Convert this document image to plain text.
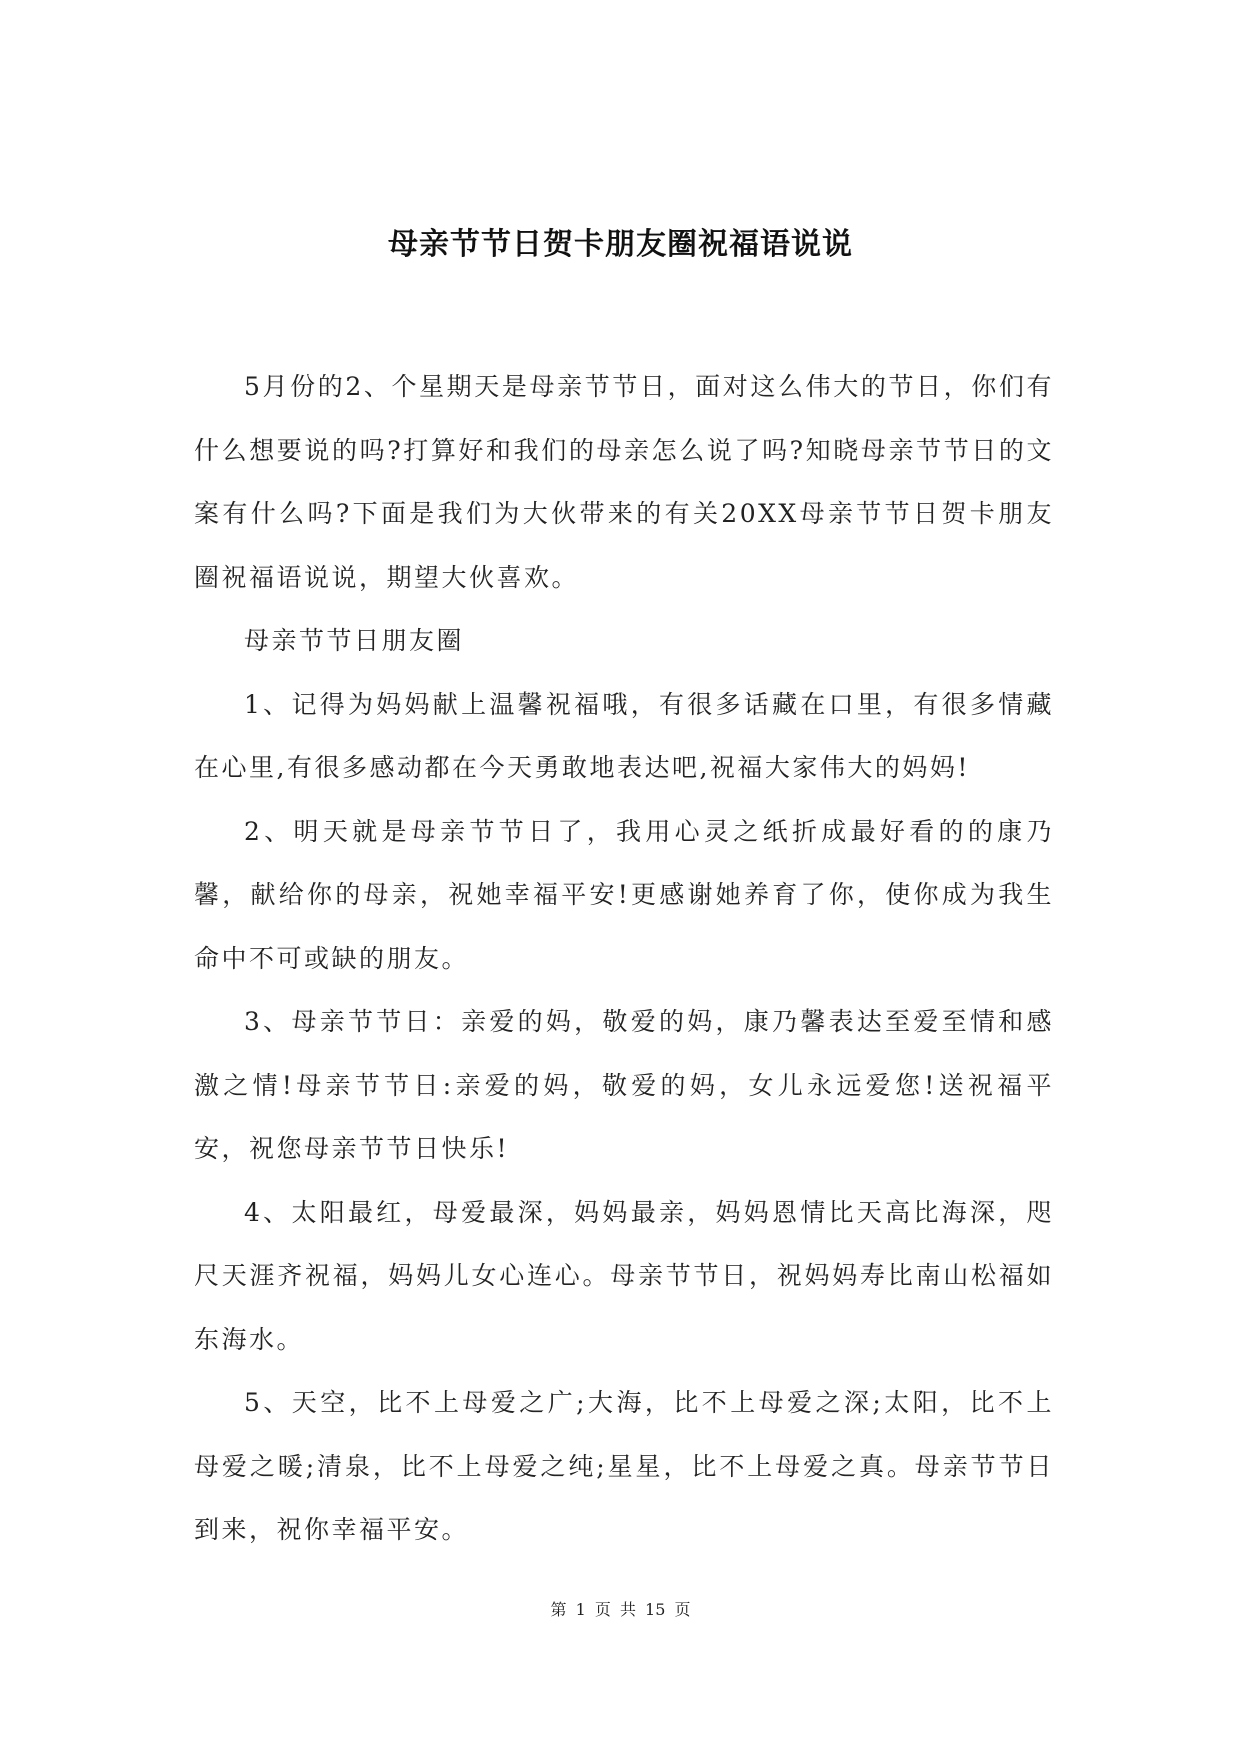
母亲节节日贺卡朋友圈祝福语说说

5月份的2、个星期天是母亲节节日，面对这么伟大的节日，你们有什么想要说的吗?打算好和我们的母亲怎么说了吗?知晓母亲节节日的文案有什么吗?下面是我们为大伙带来的有关20XX母亲节节日贺卡朋友圈祝福语说说，期望大伙喜欢。

母亲节节日朋友圈

1、记得为妈妈献上温馨祝福哦，有很多话藏在口里，有很多情藏在心里,有很多感动都在今天勇敢地表达吧,祝福大家伟大的妈妈!

2、明天就是母亲节节日了，我用心灵之纸折成最好看的的康乃馨，献给你的母亲，祝她幸福平安!更感谢她养育了你，使你成为我生命中不可或缺的朋友。

3、母亲节节日：亲爱的妈，敬爱的妈，康乃馨表达至爱至情和感激之情!母亲节节日:亲爱的妈，敬爱的妈，女儿永远爱您!送祝福平安，祝您母亲节节日快乐!

4、太阳最红，母爱最深，妈妈最亲，妈妈恩情比天高比海深，咫尺天涯齐祝福，妈妈儿女心连心。母亲节节日，祝妈妈寿比南山松福如东海水。

5、天空，比不上母爱之广;大海，比不上母爱之深;太阳，比不上母爱之暖;清泉，比不上母爱之纯;星星，比不上母爱之真。母亲节节日到来，祝你幸福平安。

第 1 页 共 15 页
